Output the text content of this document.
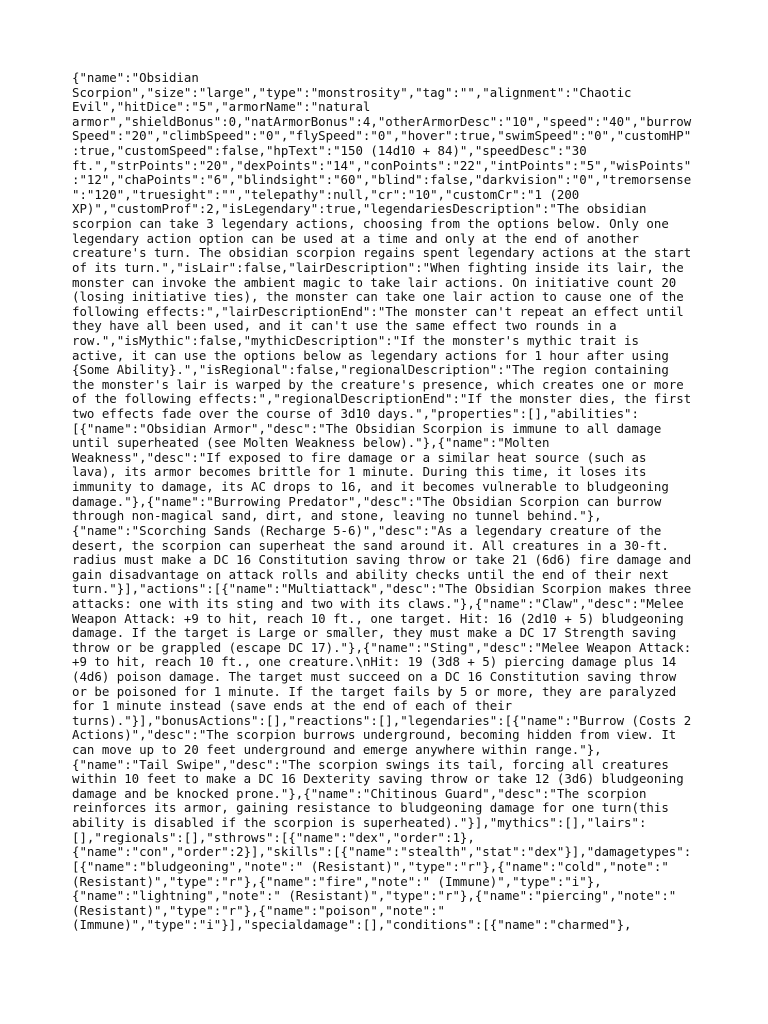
{"name":"Obsidian
Scorpion","size":"large","type":"monstrosity","tag":"","alignment":"Chaotic
Evil","hitDice":"5","armorName":"natural
armor","shieldBonus":0,"natArmorBonus":4,"otherArmorDesc":"10","speed":"40","burrow
Speed":"20","climbSpeed":"0","flySpeed":"0","hover":true,"swimSpeed":"0","customHP"
:true,"customSpeed":false,"hpText":"150 (14d10 + 84)","speedDesc":"30
ft.","strPoints":"20","dexPoints":"14","conPoints":"22","intPoints":"5","wisPoints"
:"12","chaPoints":"6","blindsight":"60","blind":false,"darkvision":"0","tremorsense
":"120","truesight":"","telepathy":null,"cr":"10","customCr":"1 (200
XP)","customProf":2,"isLegendary":true,"legendariesDescription":"The obsidian
scorpion can take 3 legendary actions, choosing from the options below. Only one
legendary action option can be used at a time and only at the end of another
creature's turn. The obsidian scorpion regains spent legendary actions at the start
of its turn.","isLair":false,"lairDescription":"When fighting inside its lair, the
monster can invoke the ambient magic to take lair actions. On initiative count 20
(losing initiative ties), the monster can take one lair action to cause one of the
following effects:","lairDescriptionEnd":"The monster can't repeat an effect until
they have all been used, and it can't use the same effect two rounds in a
row.","isMythic":false,"mythicDescription":"If the monster's mythic trait is
active, it can use the options below as legendary actions for 1 hour after using
{Some Ability}.","isRegional":false,"regionalDescription":"The region containing
the monster's lair is warped by the creature's presence, which creates one or more
of the following effects:","regionalDescriptionEnd":"If the monster dies, the first
two effects fade over the course of 3d10 days.","properties":[],"abilities":
[{"name":"Obsidian Armor","desc":"The Obsidian Scorpion is immune to all damage
until superheated (see Molten Weakness below)."},{"name":"Molten
Weakness","desc":"If exposed to fire damage or a similar heat source (such as
lava), its armor becomes brittle for 1 minute. During this time, it loses its
immunity to damage, its AC drops to 16, and it becomes vulnerable to bludgeoning
damage."},{"name":"Burrowing Predator","desc":"The Obsidian Scorpion can burrow
through non-magical sand, dirt, and stone, leaving no tunnel behind."},
{"name":"Scorching Sands (Recharge 5-6)","desc":"As a legendary creature of the
desert, the scorpion can superheat the sand around it. All creatures in a 30-ft.
radius must make a DC 16 Constitution saving throw or take 21 (6d6) fire damage and
gain disadvantage on attack rolls and ability checks until the end of their next
turn."}],"actions":[{"name":"Multiattack","desc":"The Obsidian Scorpion makes three
attacks: one with its sting and two with its claws."},{"name":"Claw","desc":"Melee
Weapon Attack: +9 to hit, reach 10 ft., one target. Hit: 16 (2d10 + 5) bludgeoning
damage. If the target is Large or smaller, they must make a DC 17 Strength saving
throw or be grappled (escape DC 17)."},{"name":"Sting","desc":"Melee Weapon Attack:
+9 to hit, reach 10 ft., one creature.\nHit: 19 (3d8 + 5) piercing damage plus 14
(4d6) poison damage. The target must succeed on a DC 16 Constitution saving throw
or be poisoned for 1 minute. If the target fails by 5 or more, they are paralyzed
for 1 minute instead (save ends at the end of each of their
turns)."}],"bonusActions":[],"reactions":[],"legendaries":[{"name":"Burrow (Costs 2
Actions)","desc":"The scorpion burrows underground, becoming hidden from view. It
can move up to 20 feet underground and emerge anywhere within range."},
{"name":"Tail Swipe","desc":"The scorpion swings its tail, forcing all creatures
within 10 feet to make a DC 16 Dexterity saving throw or take 12 (3d6) bludgeoning
damage and be knocked prone."},{"name":"Chitinous Guard","desc":"The scorpion
reinforces its armor, gaining resistance to bludgeoning damage for one turn(this
ability is disabled if the scorpion is superheated)."}],"mythics":[],"lairs":
[],"regionals":[],"sthrows":[{"name":"dex","order":1},
{"name":"con","order":2}],"skills":[{"name":"stealth","stat":"dex"}],"damagetypes":
[{"name":"bludgeoning","note":" (Resistant)","type":"r"},{"name":"cold","note":"
(Resistant)","type":"r"},{"name":"fire","note":" (Immune)","type":"i"},
{"name":"lightning","note":" (Resistant)","type":"r"},{"name":"piercing","note":"
(Resistant)","type":"r"},{"name":"poison","note":"
(Immune)","type":"i"}],"specialdamage":[],"conditions":[{"name":"charmed"},
